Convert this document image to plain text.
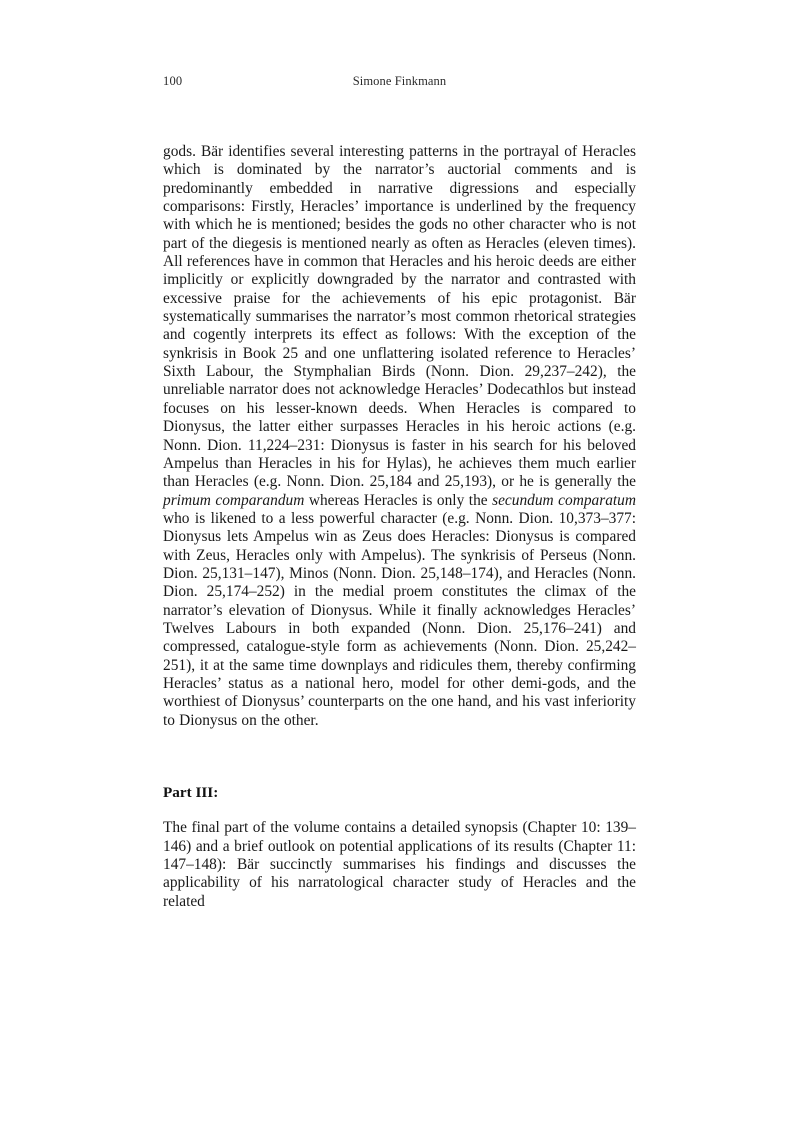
100	Simone Finkmann

gods. Bär identifies several interesting patterns in the portrayal of Heracles which is dominated by the narrator’s auctorial comments and is predominantly embedded in narrative digressions and especially comparisons: Firstly, Heracles’ importance is underlined by the frequency with which he is mentioned; besides the gods no other character who is not part of the diegesis is mentioned nearly as often as Heracles (eleven times). All references have in common that Heracles and his heroic deeds are either implicitly or explicitly downgraded by the narrator and contrasted with excessive praise for the achievements of his epic protagonist. Bär systematically summarises the narrator’s most common rhetorical strategies and cogently interprets its effect as follows: With the exception of the synkrisis in Book 25 and one unflattering isolated reference to Heracles’ Sixth Labour, the Stymphalian Birds (Nonn. Dion. 29,237–242), the unreliable narrator does not acknowledge Heracles’ Dodecathlos but instead focuses on his lesser-known deeds. When Heracles is compared to Dionysus, the latter either surpasses Heracles in his heroic actions (e.g. Nonn. Dion. 11,224–231: Dionysus is faster in his search for his beloved Ampelus than Heracles in his for Hylas), he achieves them much earlier than Heracles (e.g. Nonn. Dion. 25,184 and 25,193), or he is generally the primum comparandum whereas Heracles is only the secundum comparatum who is likened to a less powerful character (e.g. Nonn. Dion. 10,373–377: Dionysus lets Ampelus win as Zeus does Heracles: Dionysus is compared with Zeus, Heracles only with Ampelus). The synkrisis of Perseus (Nonn. Dion. 25,131–147), Minos (Nonn. Dion. 25,148–174), and Heracles (Nonn. Dion. 25,174–252) in the medial proem constitutes the climax of the narrator’s elevation of Dionysus. While it finally acknowledges Heracles’ Twelves Labours in both expanded (Nonn. Dion. 25,176–241) and compressed, catalogue-style form as achievements (Nonn. Dion. 25,242–251), it at the same time downplays and ridicules them, thereby confirming Heracles’ status as a national hero, model for other demi-gods, and the worthiest of Dionysus’ counterparts on the one hand, and his vast inferiority to Dionysus on the other.

Part III:

The final part of the volume contains a detailed synopsis (Chapter 10: 139–146) and a brief outlook on potential applications of its results (Chapter 11: 147–148): Bär succinctly summarises his findings and discusses the applicability of his narratological character study of Heracles and the related
